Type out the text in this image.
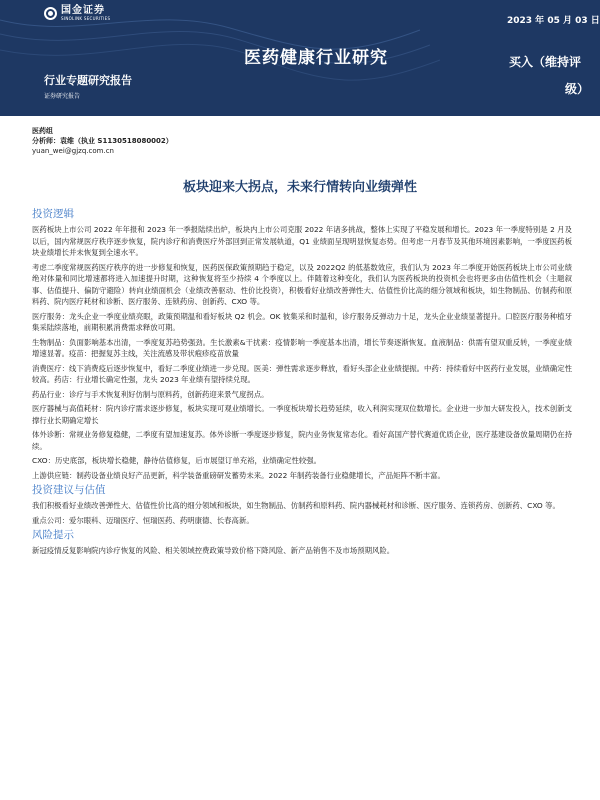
国金证券
SINOLINK SECURITIES	2023 年 05 月 03 日
医药健康行业研究	买入（维持评
级）
行业专题研究报告
证券研究报告
医药组
分析师：袁维（执业 S1130518080002）
yuan_wei@gjzq.com.cn
板块迎来大拐点，未来行情转向业绩弹性
投资逻辑

医药板块上市公司 2022 年年报和 2023 年一季报陆续出炉，板块内上市公司克服 2022 年诸多挑战，整体上实现了平稳发展和增长。2023 年一季度特别是 2 月及以后，国内常规医疗秩序逐步恢复，院内诊疗和消费医疗外部回到正常发展轨道，Q1 业绩面呈现明显恢复态势。但考虑一月春节及其他环境因素影响，一季度医药板块业绩增长并未恢复到全速水平。

考虑二季度常规医药医疗秩序的进一步修复和恢复，医药医保政策预期趋于稳定，以及 2022Q2 的低基数效应，我们认为 2023 年二季度开始医药板块上市公司业绩绝对体量和同比增速都将进入加速提升时期，这种恢复将至少持续 4 个季度以上。伴随着这种变化，我们认为医药板块的投资机会也将更多由估值性机会（主题叙事、估值提升、偏防守避险）转向业绩面机会（业绩改善驱动、性价比投资），积极看好业绩改善弹性大、估值性价比高的细分领域和板块，如生物制品、仿制药和原料药、院内医疗耗材和诊断、医疗服务、连锁药房、创新药、CXO 等。

医疗服务：龙头企业一季度业绩亮眼，政策预期温和看好板块 Q2 机会。OK 彼集采和时温和，诊疗服务反弹动力十足，龙头企业业绩显著提升。口腔医疗服务种植牙集采陆续落地，前期积累消费需求释放可期。

生物制品：负面影响基本出清，一季度复苏趋势强劲。生长激素&干扰素：疫情影响一季度基本出清，增长节奏逐渐恢复。血液制品：供需有望双重反转，一季度业绩增速显著。疫苗：把握复苏主线，关注流感及带状疱疹疫苗放量

消费医疗：线下消费疫后逐步恢复中，看好二季度业绩进一步兑现。医美：弹性需求逐步释放，看好头部企业业绩提振。中药：持续看好中医药行业发展，业绩确定性较高。药店：行业增长确定性强，龙头 2023 年业绩有望持续兑现。

药品行业：诊疗与手术恢复利好仿制与原料药，创新药迎来景气度拐点。

医疗器械与高值耗材：院内诊疗需求逐步修复，板块实现可观业绩增长。一季度板块增长趋势延续，收入利润实现双位数增长。企业进一步加大研发投入，技术创新支撑行业长期确定增长

体外诊断：常规业务修复稳健，二季度有望加速复苏。体外诊断一季度逐步修复，院内业务恢复常态化。看好高国产替代赛道优质企业，医疗基建设备放量周期仍在持续。

CXO：历史底部，板块增长稳健，静待估值修复，后市展望订单充裕，业绩确定性较强。

上游供应链：制药设备业绩良好产品更新，科学装备重磅研发蓄势未来。2022 年制药装备行业稳健增长，产品矩阵不断丰富。

投资建议与估值

我们积极看好业绩改善弹性大、估值性价比高的细分领域和板块，如生物制品、仿制药和原料药、院内器械耗材和诊断、医疗服务、连锁药房、创新药、CXO 等。

重点公司：爱尔眼科、迈瑞医疗、恒瑞医药、药明康德、长春高新。

风险提示

新冠疫情反复影响院内诊疗恢复的风险、相关领域控费政策导致价格下降风险、新产品销售不及市场预期风险。
